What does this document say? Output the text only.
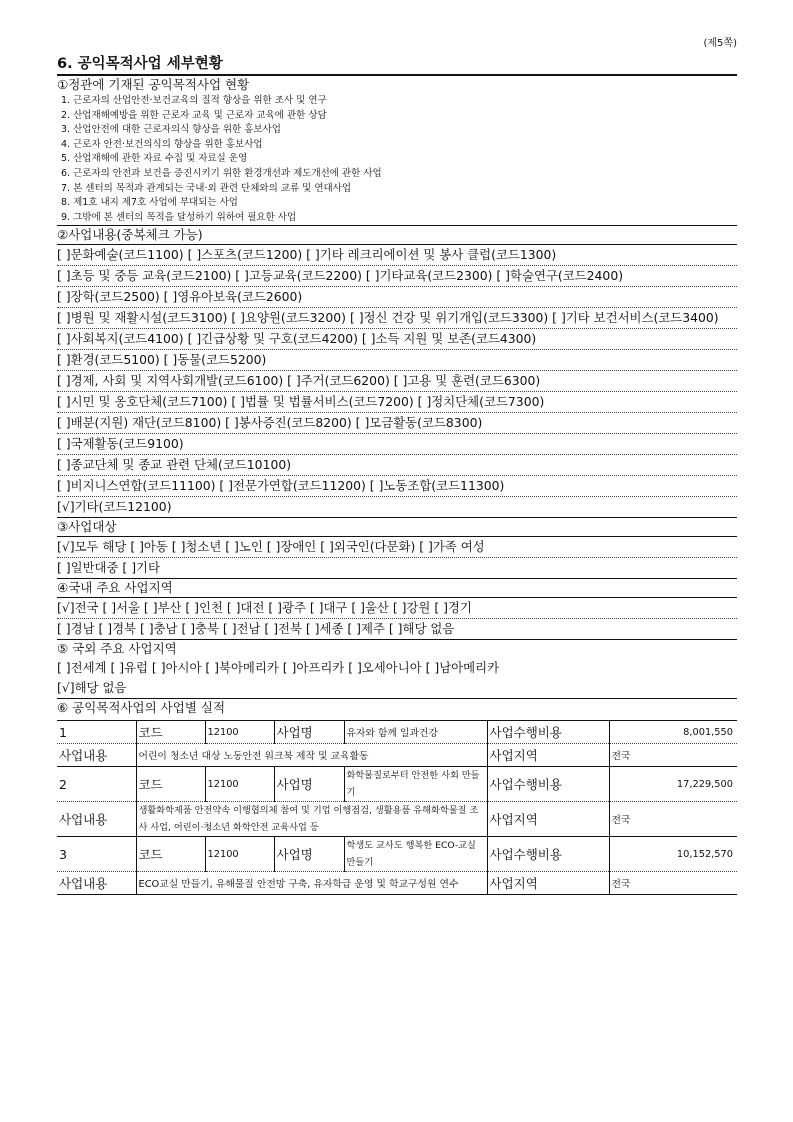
(제5쪽)
6. 공익목적사업 세부현황
①정관에 기재된 공익목적사업 현황
1. 근로자의 산업안전·보건교육의 질적 향상을 위한 조사 및 연구
2. 산업재해예방을 위한 근로자 교육 및 근로자 교육에 관한 상담
3. 산업안전에 대한 근로자의식 향상을 위한 홍보사업
4. 근로자 안전·보건의식의 향상을 위한 홍보사업
5. 산업재해에 관한 자료 수집 및 자료실 운영
6. 근로자의 안전과 보건을 증진시키기 위한 환경개선과 제도개선에 관한 사업
7. 본 센터의 목적과 관계되는 국내·외 관련 단체와의 교류 및 연대사업
8. 제1호 내지 제7호 사업에 부대되는 사업
9. 그밖에 본 센터의 목적을 달성하기 위하여 필요한 사업
②사업내용(중복체크 가능)
[ ]문화예술(코드1100) [ ]스포츠(코드1200) [ ]기타 레크리에이션 및 봉사 클럽(코드1300)
[ ]초등 및 중등 교육(코드2100) [ ]고등교육(코드2200) [ ]기타교육(코드2300) [ ]학술연구(코드2400)
[ ]장학(코드2500) [ ]영유아보육(코드2600)
[ ]병원 및 재활시설(코드3100) [ ]요양원(코드3200) [ ]정신 건강 및 위기개입(코드3300) [ ]기타 보건서비스(코드3400)
[ ]사회복지(코드4100) [ ]긴급상황 및 구호(코드4200) [ ]소득 지원 및 보존(코드4300)
[ ]환경(코드5100) [ ]동물(코드5200)
[ ]경제, 사회 및 지역사회개발(코드6100) [ ]주거(코드6200) [ ]고용 및 훈련(코드6300)
[ ]시민 및 옹호단체(코드7100) [ ]법률 및 법률서비스(코드7200) [ ]정치단체(코드7300)
[ ]배분(지원) 재단(코드8100) [ ]봉사증진(코드8200) [ ]모금활동(코드8300)
[ ]국제활동(코드9100)
[ ]종교단체 및 종교 관련 단체(코드10100)
[ ]비지니스연합(코드11100) [ ]전문가연합(코드11200) [ ]노동조합(코드11300)
[√]기타(코드12100)
③사업대상
[√]모두 해당 [ ]아동 [ ]청소년 [ ]노인 [ ]장애인 [ ]외국인(다문화) [ ]가족 여성
[ ]일반대중 [ ]기타
④국내 주요 사업지역
[√]전국 [ ]서울 [ ]부산 [ ]인천 [ ]대전 [ ]광주 [ ]대구 [ ]울산 [ ]강원 [ ]경기
[ ]경남 [ ]경북 [ ]충남 [ ]충북 [ ]전남 [ ]전북 [ ]세종 [ ]제주 [ ]해당 없음
⑤ 국외 주요 사업지역
[ ]전세계 [ ]유럽 [ ]아시아 [ ]북아메리카 [ ]아프리카 [ ]오세아니아 [ ]남아메리카
[√]해당 없음
⑥ 공익목적사업의 사업별 실적
1	코드	12100	사업명	유자와 함께 일과건강	사업수행비용	8,001,550
사업내용	어린이 청소년 대상 노동안전 워크북 제작 및 교육활동				사업지역	전국
2	코드	12100	사업명	화학물질로부터 안전한 사회 만들기	사업수행비용	17,229,500
사업내용	생활화학제품 안전약속 이행협의체 참여 및 기업 이행점검, 생활용품 유해화학물질 조사 사업, 어린이·청소년 화학안전 교육사업 등				사업지역	전국
3	코드	12100	사업명	학생도 교사도 행복한 ECO-교실 만들기	사업수행비용	10,152,570
사업내용	ECO교실 만들기, 유해물질 안전망 구축, 유자학급 운영 및 학교구성원 연수				사업지역	전국
